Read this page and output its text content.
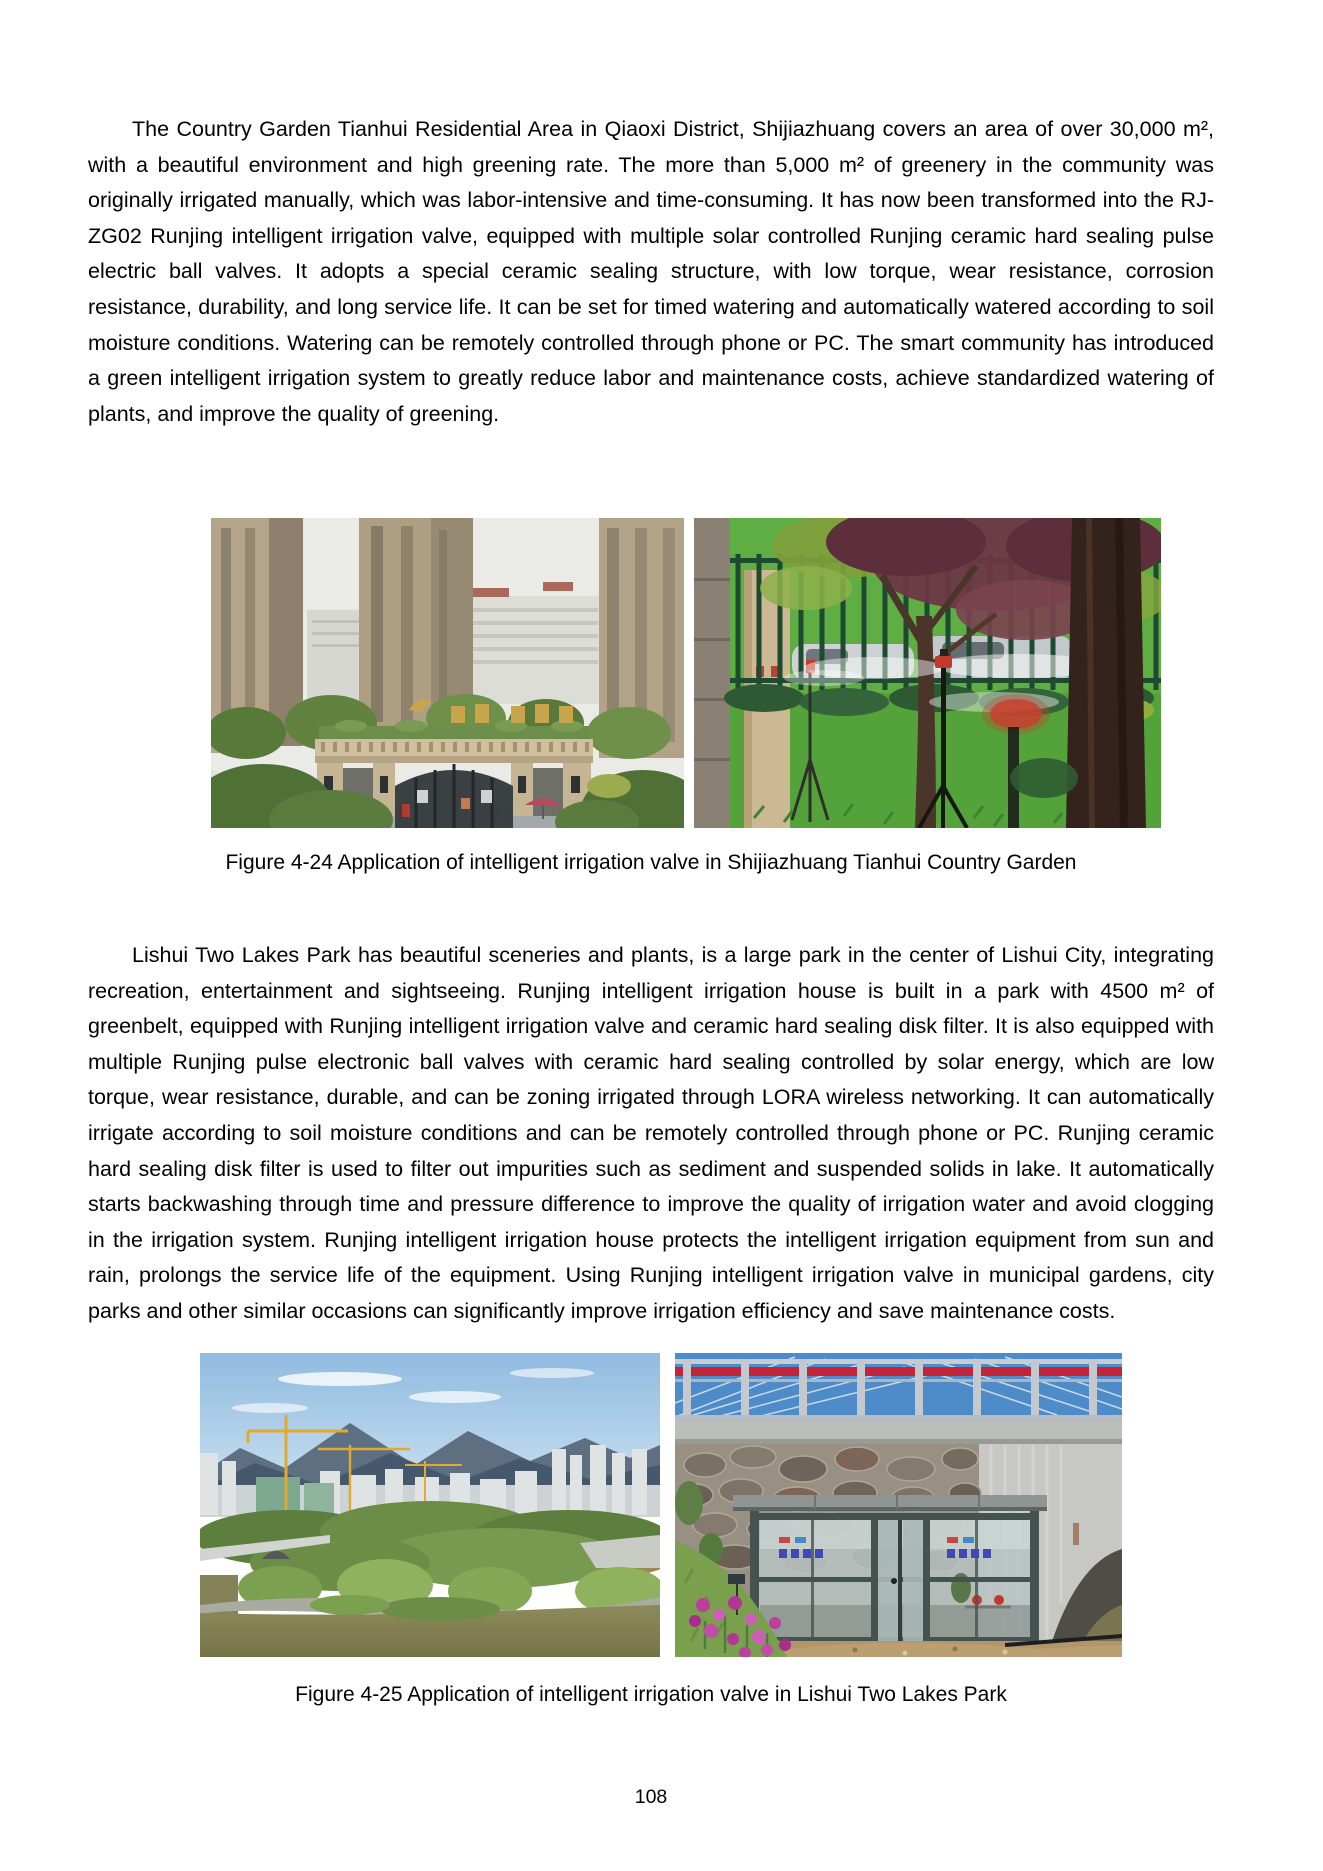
The Country Garden Tianhui Residential Area in Qiaoxi District, Shijiazhuang covers an area of over 30,000 m², with a beautiful environment and high greening rate. The more than 5,000 m² of greenery in the community was originally irrigated manually, which was labor-intensive and time-consuming. It has now been transformed into the RJ-ZG02 Runjing intelligent irrigation valve, equipped with multiple solar controlled Runjing ceramic hard sealing pulse electric ball valves. It adopts a special ceramic sealing structure, with low torque, wear resistance, corrosion resistance, durability, and long service life. It can be set for timed watering and automatically watered according to soil moisture conditions. Watering can be remotely controlled through phone or PC. The smart community has introduced a green intelligent irrigation system to greatly reduce labor and maintenance costs, achieve standardized watering of plants, and improve the quality of greening.

Figure 4-24 Application of intelligent irrigation valve in Shijiazhuang Tianhui Country Garden

Lishui Two Lakes Park has beautiful sceneries and plants, is a large park in the center of Lishui City, integrating recreation, entertainment and sightseeing. Runjing intelligent irrigation house is built in a park with 4500 m² of greenbelt, equipped with Runjing intelligent irrigation valve and ceramic hard sealing disk filter. It is also equipped with multiple Runjing pulse electronic ball valves with ceramic hard sealing controlled by solar energy, which are low torque, wear resistance, durable, and can be zoning irrigated through LORA wireless networking. It can automatically irrigate according to soil moisture conditions and can be remotely controlled through phone or PC. Runjing ceramic hard sealing disk filter is used to filter out impurities such as sediment and suspended solids in lake. It automatically starts backwashing through time and pressure difference to improve the quality of irrigation water and avoid clogging in the irrigation system. Runjing intelligent irrigation house protects the intelligent irrigation equipment from sun and rain, prolongs the service life of the equipment. Using Runjing intelligent irrigation valve in municipal gardens, city parks and other similar occasions can significantly improve irrigation efficiency and save maintenance costs.

Figure 4-25 Application of intelligent irrigation valve in Lishui Two Lakes Park
108
